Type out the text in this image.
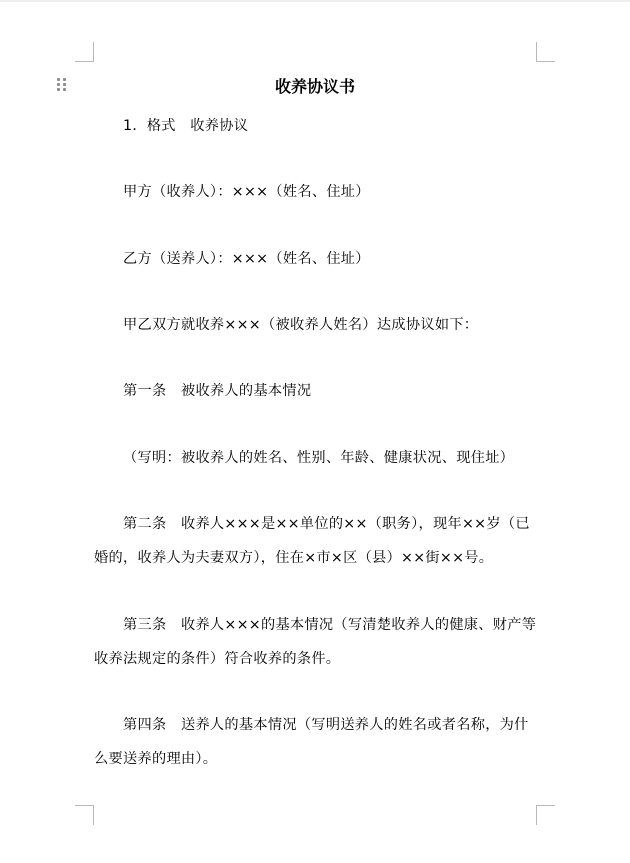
收养协议书
1．格式　收养协议
甲方（收养人）：×××（姓名、住址）
乙方（送养人）：×××（姓名、住址）
甲乙双方就收养×××（被收养人姓名）达成协议如下：
第一条　被收养人的基本情况
（写明：被收养人的姓名、性别、年龄、健康状况、现住址）
第二条　收养人×××是××单位的××（职务），现年××岁（已婚的，收养人为夫妻双方），住在×市×区（县）××街××号。
第三条　收养人×××的基本情况（写清楚收养人的健康、财产等收养法规定的条件）符合收养的条件。
第四条　送养人的基本情况（写明送养人的姓名或者名称，为什么要送养的理由）。
